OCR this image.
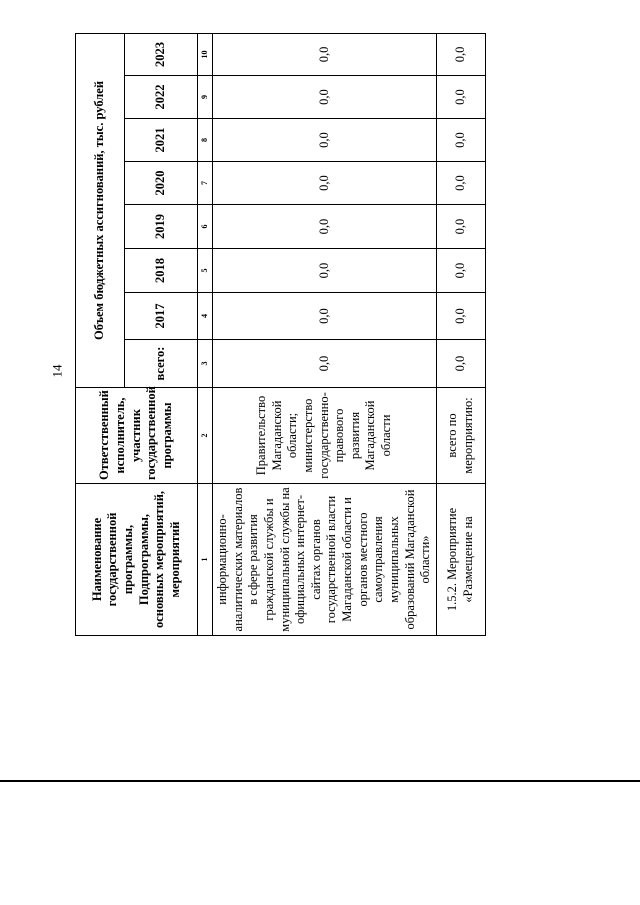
14
Наименование государственной программы, Подпрограммы, основных мероприятий, мероприятий	Ответственный исполнитель, участник государственной программы	Объем бюджетных ассигнований, тыс. рублей							
		всего:	2017	2018	2019	2020	2021	2022	2023
1	2	3	4	5	6	7	8	9	10
информационно-аналитических материалов в сфере развития гражданской службы и муниципальной службы на официальных интернет-сайтах органов государственной власти Магаданской области и органов местного самоуправления муниципальных образований Магаданской области»	Правительство Магаданской области; министерство государственно-правового развития Магаданской области	0,0	0,0	0,0	0,0	0,0	0,0	0,0	0,0
1.5.2. Мероприятие «Размещение на	всего по мероприятию:	0,0	0,0	0,0	0,0	0,0	0,0	0,0	0,0
